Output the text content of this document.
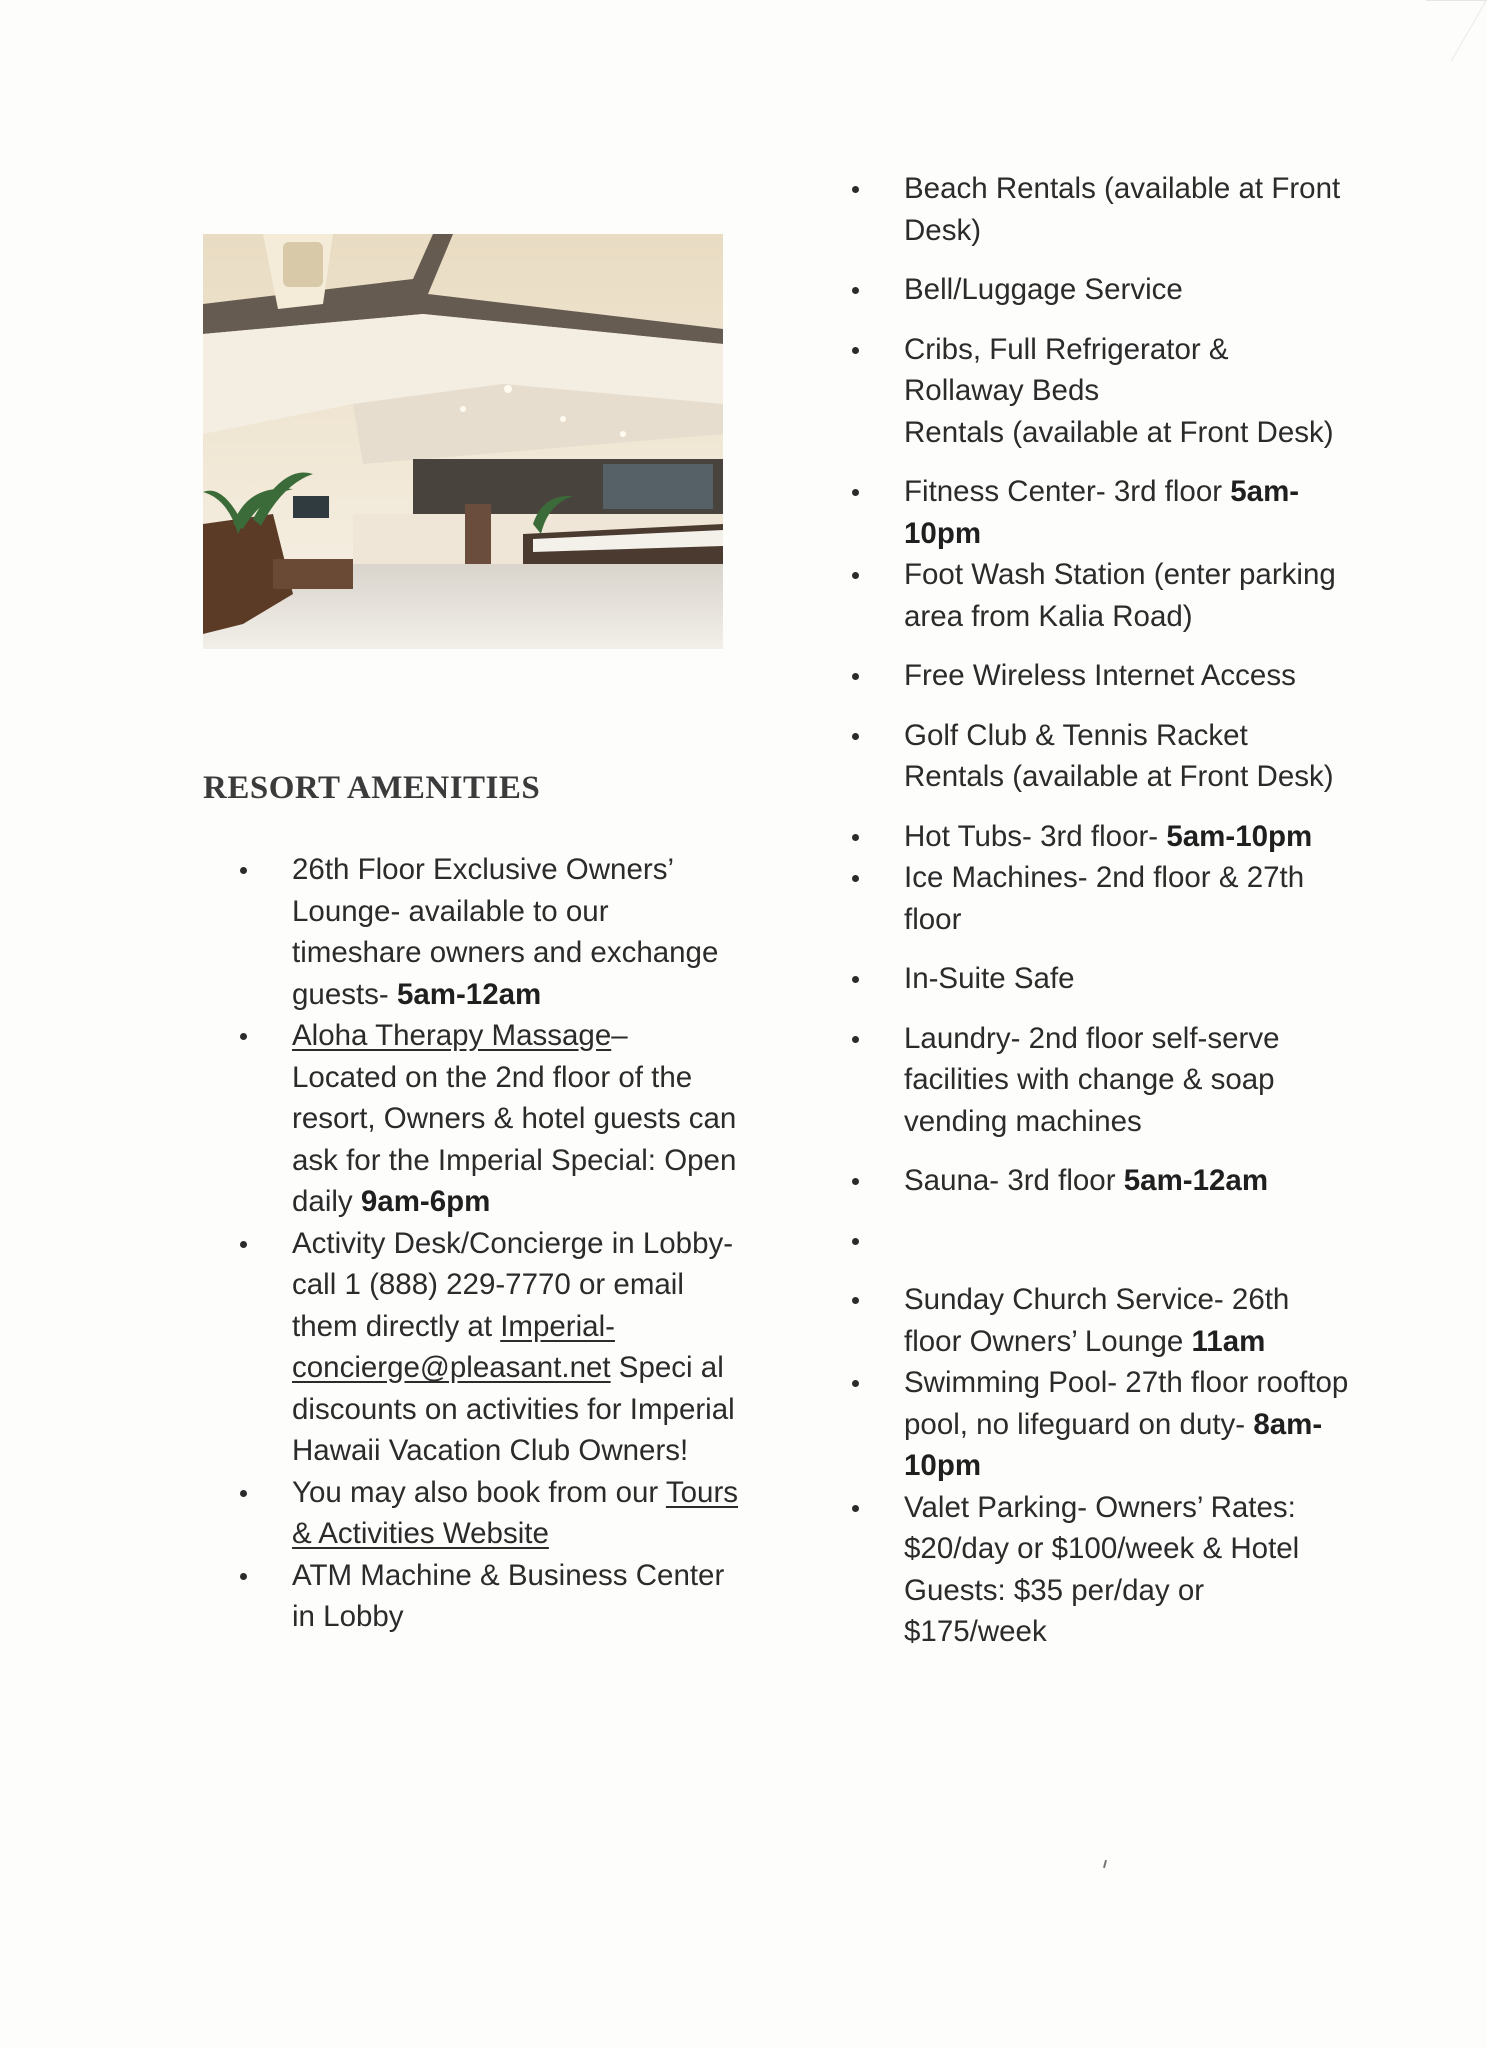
RESORT AMENITIES
26th Floor Exclusive Owners’ Lounge- available to our timeshare owners and exchange guests- 5am-12am
Aloha Therapy Massage– Located on the 2nd floor of the resort, Owners & hotel guests can ask for the Imperial Special: Open daily 9am-6pm
Activity Desk/Concierge in Lobby- call 1 (888) 229-7770 or email them directly at Imperial-concierge@pleasant.net Speci al discounts on activities for Imperial Hawaii Vacation Club Owners!
You may also book from our Tours & Activities Website
ATM Machine & Business Center in Lobby
Beach Rentals (available at Front Desk)
Bell/Luggage Service
Cribs, Full Refrigerator & Rollaway Beds
Rentals (available at Front Desk)
Fitness Center- 3rd floor 5am-10pm
Foot Wash Station (enter parking area from Kalia Road)
Free Wireless Internet Access
Golf Club & Tennis Racket Rentals (available at Front Desk)
Hot Tubs- 3rd floor- 5am-10pm
Ice Machines- 2nd floor & 27th floor
In-Suite Safe
Laundry- 2nd floor self-serve facilities with change & soap vending machines
Sauna- 3rd floor 5am-12am

Sunday Church Service- 26th floor Owners’ Lounge 11am
Swimming Pool- 27th floor rooftop pool, no lifeguard on duty- 8am-10pm
Valet Parking- Owners’ Rates: $20/day or $100/week & Hotel Guests: $35 per/day or $175/week
